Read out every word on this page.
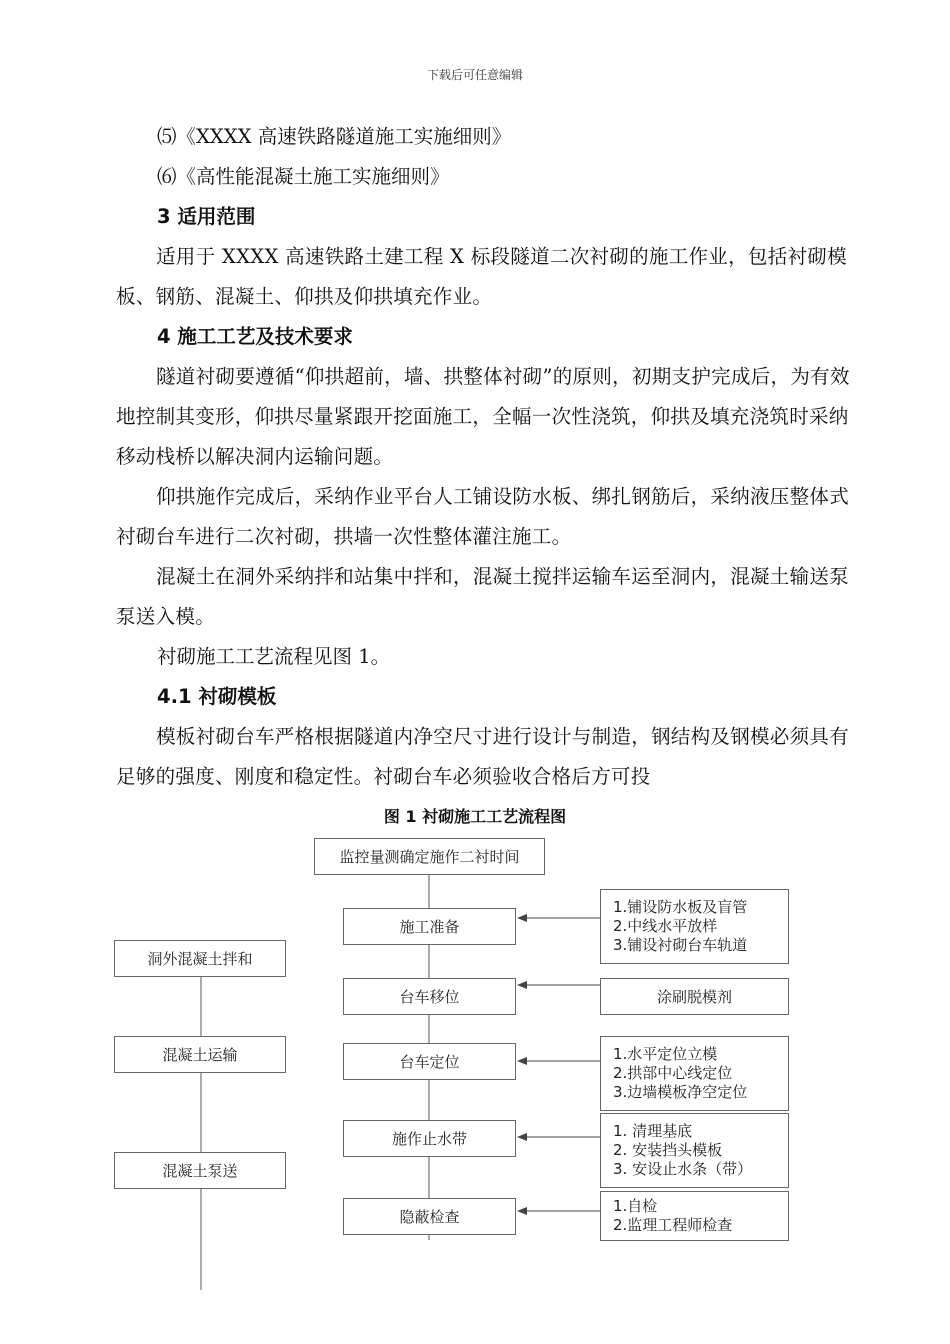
下载后可任意编辑
⑸《XXXX 高速铁路隧道施工实施细则》
⑹《高性能混凝土施工实施细则》
3 适用范围
适用于 XXXX 高速铁路土建工程 X 标段隧道二次衬砌的施工作业，包括衬砌模板、钢筋、混凝土、仰拱及仰拱填充作业。
4 施工工艺及技术要求
隧道衬砌要遵循“仰拱超前，墙、拱整体衬砌”的原则，初期支护完成后，为有效地控制其变形，仰拱尽量紧跟开挖面施工，全幅一次性浇筑，仰拱及填充浇筑时采纳移动栈桥以解决洞内运输问题。
仰拱施作完成后，采纳作业平台人工铺设防水板、绑扎钢筋后，采纳液压整体式衬砌台车进行二次衬砌，拱墙一次性整体灌注施工。
混凝土在洞外采纳拌和站集中拌和，混凝土搅拌运输车运至洞内，混凝土输送泵泵送入模。
衬砌施工工艺流程见图 1。
4.1 衬砌模板
模板衬砌台车严格根据隧道内净空尺寸进行设计与制造，钢结构及钢模必须具有足够的强度、刚度和稳定性。衬砌台车必须验收合格后方可投
图 1 衬砌施工工艺流程图
监控量测确定施作二衬时间
施工准备
台车移位
台车定位
施作止水带
隐蔽检查
洞外混凝土拌和
混凝土运输
混凝土泵送
1.铺设防水板及盲管
2.中线水平放样
3.铺设衬砌台车轨道
涂刷脱模剂
1.水平定位立模
2.拱部中心线定位
3.边墙模板净空定位
1. 清理基底
2. 安装挡头模板
3. 安设止水条（带）
1.自检
2.监理工程师检查
